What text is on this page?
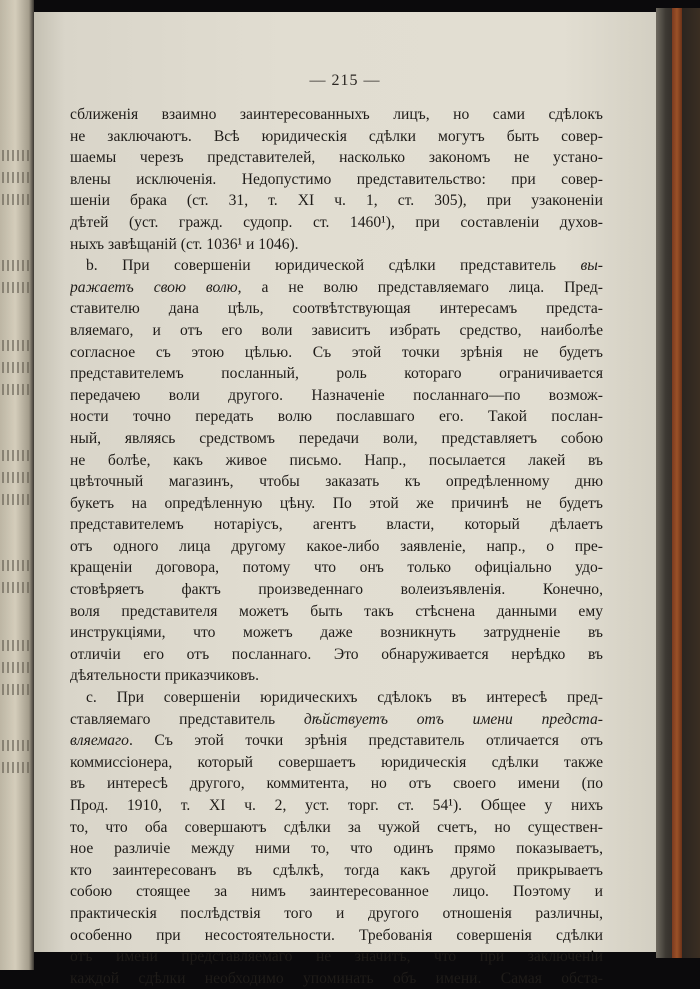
— 215 —
сближенія взаимно заинтересованныхъ лицъ, но сами сдѣлокъ
не заключаютъ. Всѣ юридическія сдѣлки могутъ быть совер-
шаемы черезъ представителей, насколько закономъ не устано-
влены исключенія. Недопустимо представительство: при совер-
шеніи брака (ст. 31, т. XI ч. 1, ст. 305), при узаконеніи
дѣтей (уст. гражд. судопр. ст. 1460¹), при составленіи духов-
ныхъ завѣщаній (ст. 1036¹ и 1046).
b. При совершеніи юридической сдѣлки представитель вы-
ражаетъ свою волю, а не волю представляемаго лица. Пред-
ставителю дана цѣль, соотвѣтствующая интересамъ предста-
вляемаго, и отъ его воли зависитъ избрать средство, наиболѣе
согласное съ этою цѣлью. Съ этой точки зрѣнія не будетъ
представителемъ посланный, роль котораго ограничивается
передачею воли другого. Назначеніе посланнаго—по возмож-
ности точно передать волю пославшаго его. Такой послан-
ный, являясь средствомъ передачи воли, представляетъ собою
не болѣе, какъ живое письмо. Напр., посылается лакей въ
цвѣточный магазинъ, чтобы заказать къ опредѣленному дню
букетъ на опредѣленную цѣну. По этой же причинѣ не будетъ
представителемъ нотаріусъ, агентъ власти, который дѣлаетъ
отъ одного лица другому какое-либо заявленіе, напр., о пре-
кращеніи договора, потому что онъ только офиціально удо-
стовѣряетъ фактъ произведеннаго волеизъявленія. Конечно,
воля представителя можетъ быть такъ стѣснена данными ему
инструкціями, что можетъ даже возникнуть затрудненіе въ
отличіи его отъ посланнаго. Это обнаруживается нерѣдко въ
дѣятельности приказчиковъ.
c. При совершеніи юридическихъ сдѣлокъ въ интересѣ пред-
ставляемаго представитель дѣйствуетъ отъ имени предста-
вляемаго. Съ этой точки зрѣнія представитель отличается отъ
коммиссіонера, который совершаетъ юридическія сдѣлки также
въ интересѣ другого, коммитента, но отъ своего имени (по
Прод. 1910, т. XI ч. 2, уст. торг. ст. 54¹). Общее у нихъ
то, что оба совершаютъ сдѣлки за чужой счетъ, но существен-
ное различіе между ними то, что одинъ прямо показываетъ,
кто заинтересованъ въ сдѣлкѣ, тогда какъ другой прикрываетъ
собою стоящее за нимъ заинтересованное лицо. Поэтому и
практическія послѣдствія того и другого отношенія различны,
особенно при несостоятельности. Требованія совершенія сдѣлки
отъ имени представляемаго не значитъ, что при заключеніи
каждой сдѣлки необходимо упоминать объ имени. Самая обста-
